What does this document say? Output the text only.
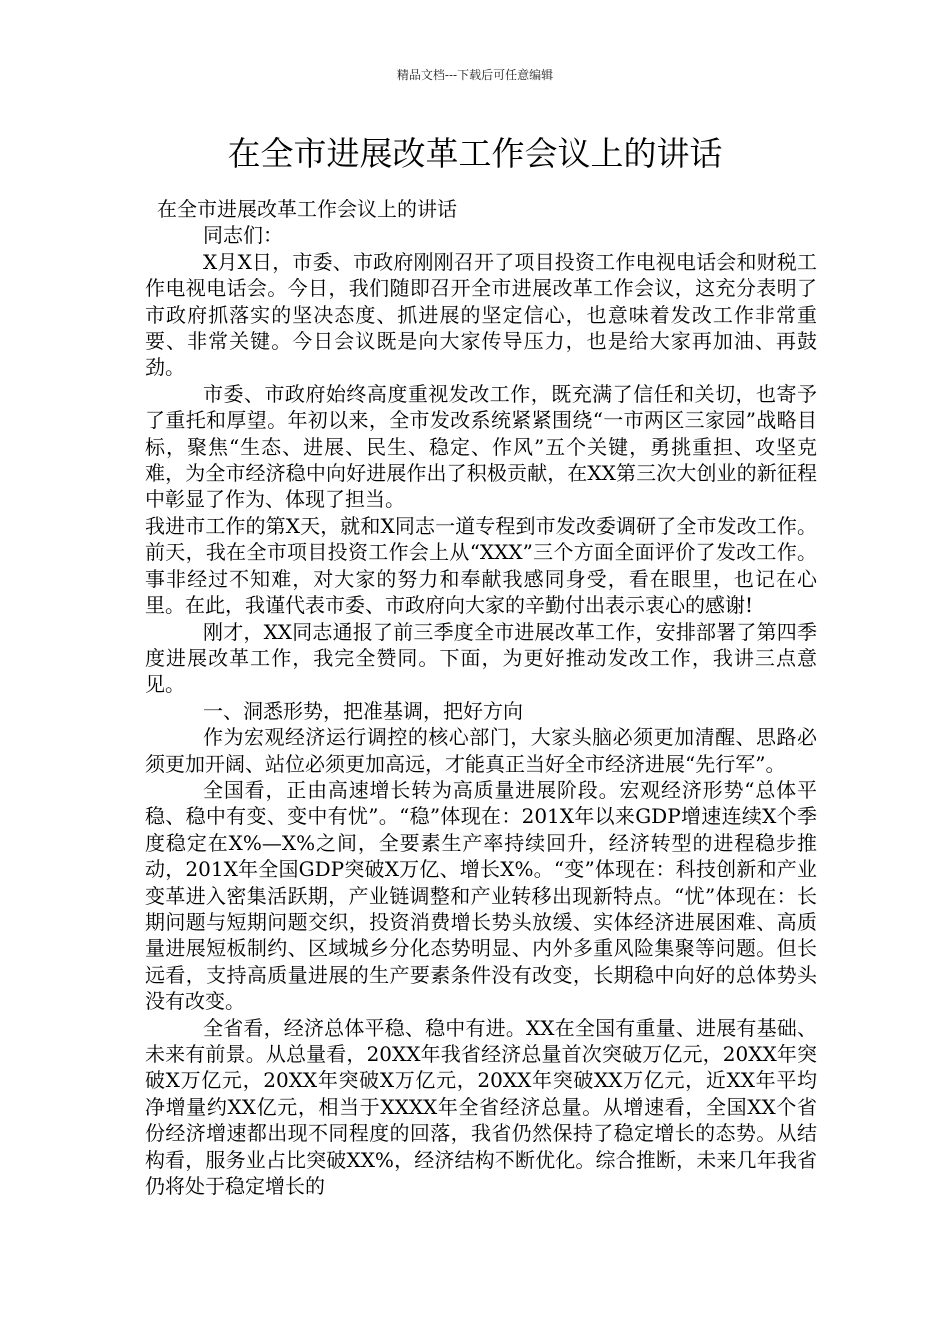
精品文档---下载后可任意编辑
在全市进展改革工作会议上的讲话

在全市进展改革工作会议上的讲话

同志们：

X月X日，市委、市政府刚刚召开了项目投资工作电视电话会和财税工作电视电话会。今日，我们随即召开全市进展改革工作会议，这充分表明了市政府抓落实的坚决态度、抓进展的坚定信心，也意味着发改工作非常重要、非常关键。今日会议既是向大家传导压力，也是给大家再加油、再鼓劲。

市委、市政府始终高度重视发改工作，既充满了信任和关切，也寄予了重托和厚望。年初以来，全市发改系统紧紧围绕“一市两区三家园”战略目标，聚焦“生态、进展、民生、稳定、作风”五个关键，勇挑重担、攻坚克难，为全市经济稳中向好进展作出了积极贡献，在XX第三次大创业的新征程中彰显了作为、体现了担当。

我进市工作的第X天，就和X同志一道专程到市发改委调研了全市发改工作。前天，我在全市项目投资工作会上从“XXX”三个方面全面评价了发改工作。事非经过不知难，对大家的努力和奉献我感同身受，看在眼里，也记在心里。在此，我谨代表市委、市政府向大家的辛勤付出表示衷心的感谢!

刚才，XX同志通报了前三季度全市进展改革工作，安排部署了第四季度进展改革工作，我完全赞同。下面，为更好推动发改工作，我讲三点意见。

一、洞悉形势，把准基调，把好方向

作为宏观经济运行调控的核心部门，大家头脑必须更加清醒、思路必须更加开阔、站位必须更加高远，才能真正当好全市经济进展“先行军”。

全国看，正由高速增长转为高质量进展阶段。宏观经济形势“总体平稳、稳中有变、变中有忧”。“稳”体现在：201X年以来GDP增速连续X个季度稳定在X%—X%之间，全要素生产率持续回升，经济转型的进程稳步推动，201X年全国GDP突破X万亿、增长X%。“变”体现在：科技创新和产业变革进入密集活跃期，产业链调整和产业转移出现新特点。“忧”体现在：长期问题与短期问题交织，投资消费增长势头放缓、实体经济进展困难、高质量进展短板制约、区域城乡分化态势明显、内外多重风险集聚等问题。但长远看，支持高质量进展的生产要素条件没有改变，长期稳中向好的总体势头没有改变。

全省看，经济总体平稳、稳中有进。XX在全国有重量、进展有基础、未来有前景。从总量看，20XX年我省经济总量首次突破万亿元，20XX年突破X万亿元，20XX年突破X万亿元，20XX年突破XX万亿元，近XX年平均净增量约XX亿元，相当于XXXX年全省经济总量。从增速看，全国XX个省份经济增速都出现不同程度的回落，我省仍然保持了稳定增长的态势。从结构看，服务业占比突破XX%，经济结构不断优化。综合推断，未来几年我省仍将处于稳定增长的
